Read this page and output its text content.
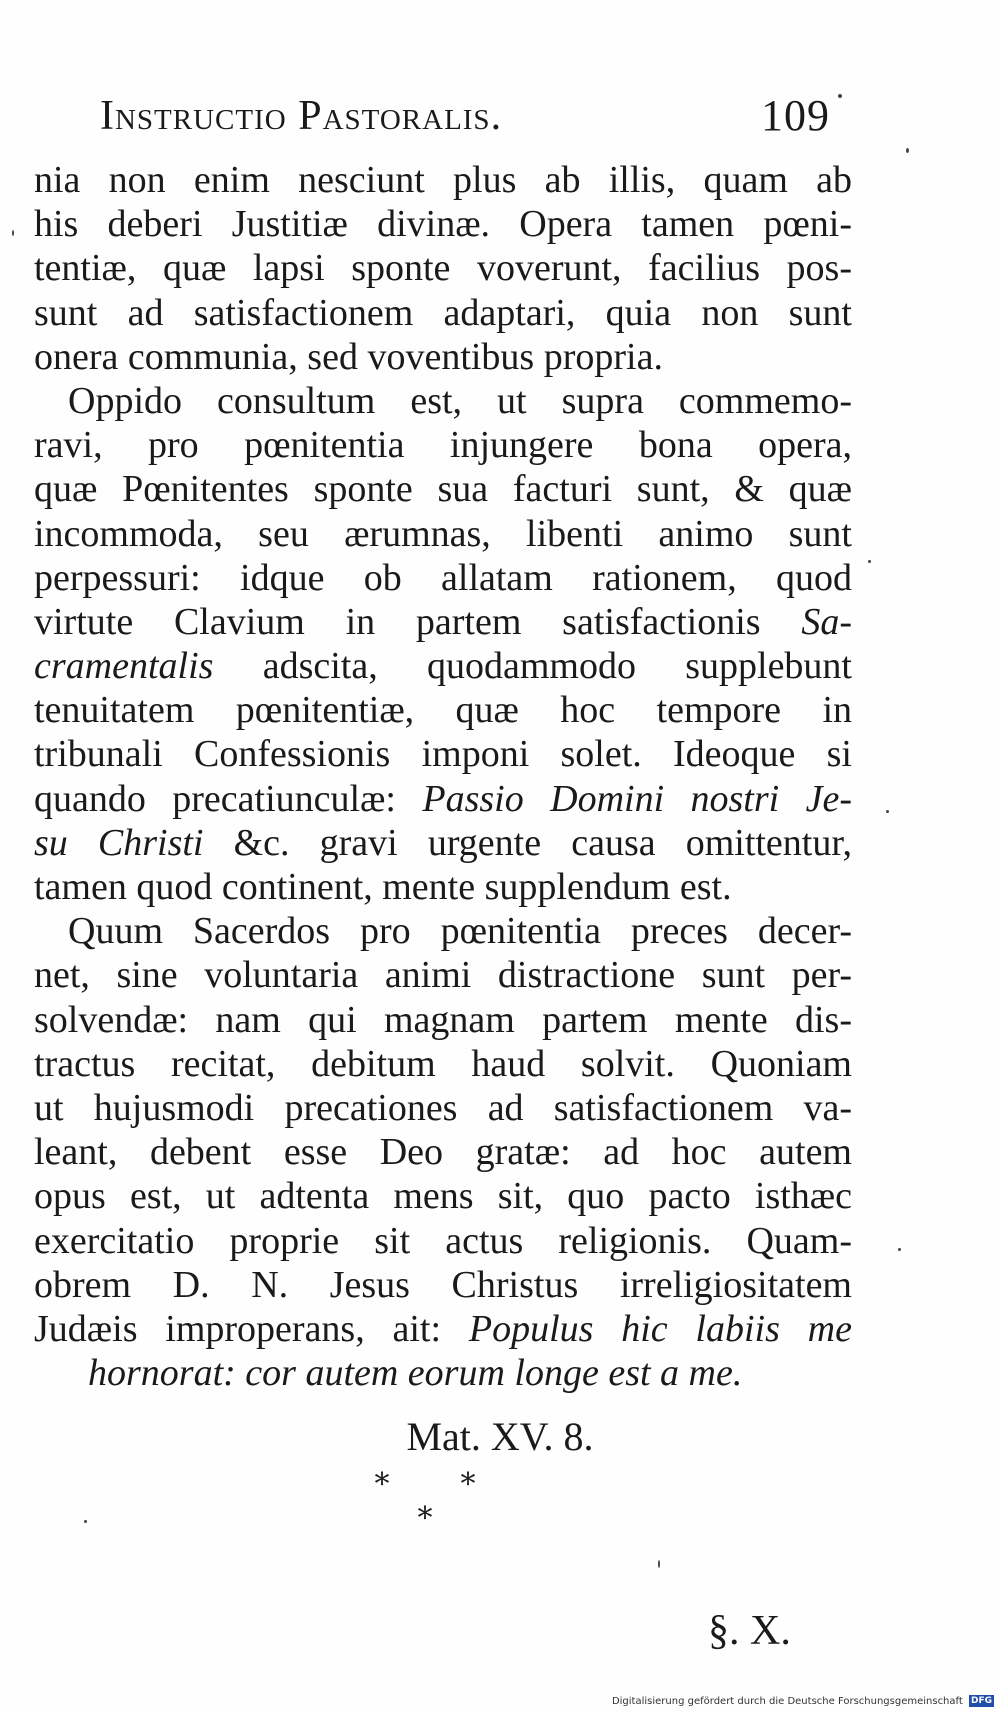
Instructio Pastoralis.	109
nia non enim nesciunt plus ab illis, quam ab
his deberi Justitiæ divinæ. Opera tamen pœni-
tentiæ, quæ lapsi sponte voverunt, facilius pos-
sunt ad satisfactionem adaptari, quia non sunt
onera communia, sed voventibus propria.
Oppido consultum est, ut supra commemo-
ravi, pro pœnitentia injungere bona opera,
quæ Pœnitentes sponte sua facturi sunt, & quæ
incommoda, seu ærumnas, libenti animo sunt
perpessuri: idque ob allatam rationem, quod
virtute Clavium in partem satisfactionis Sa-
cramentalis adscita, quodammodo supplebunt
tenuitatem pœnitentiæ, quæ hoc tempore in
tribunali Confessionis imponi solet. Ideoque si
quando precatiunculæ: Passio Domini nostri Je-
su Christi &c. gravi urgente causa omittentur,
tamen quod continent, mente supplendum est.
Quum Sacerdos pro pœnitentia preces decer-
net, sine voluntaria animi distractione sunt per-
solvendæ: nam qui magnam partem mente dis-
tractus recitat, debitum haud solvit. Quoniam
ut hujusmodi precationes ad satisfactionem va-
leant, debent esse Deo gratæ: ad hoc autem
opus est, ut adtenta mens sit, quo pacto isthæc
exercitatio proprie sit actus religionis. Quam-
obrem D. N. Jesus Christus irreligiositatem
Judæis improperans, ait: Populus hic labiis me
hornorat: cor autem eorum longe est a me.
Mat. XV. 8.
* *
*
§. X.
Digitalisierung gefördert durch die Deutsche Forschungsgemeinschaft DFG
